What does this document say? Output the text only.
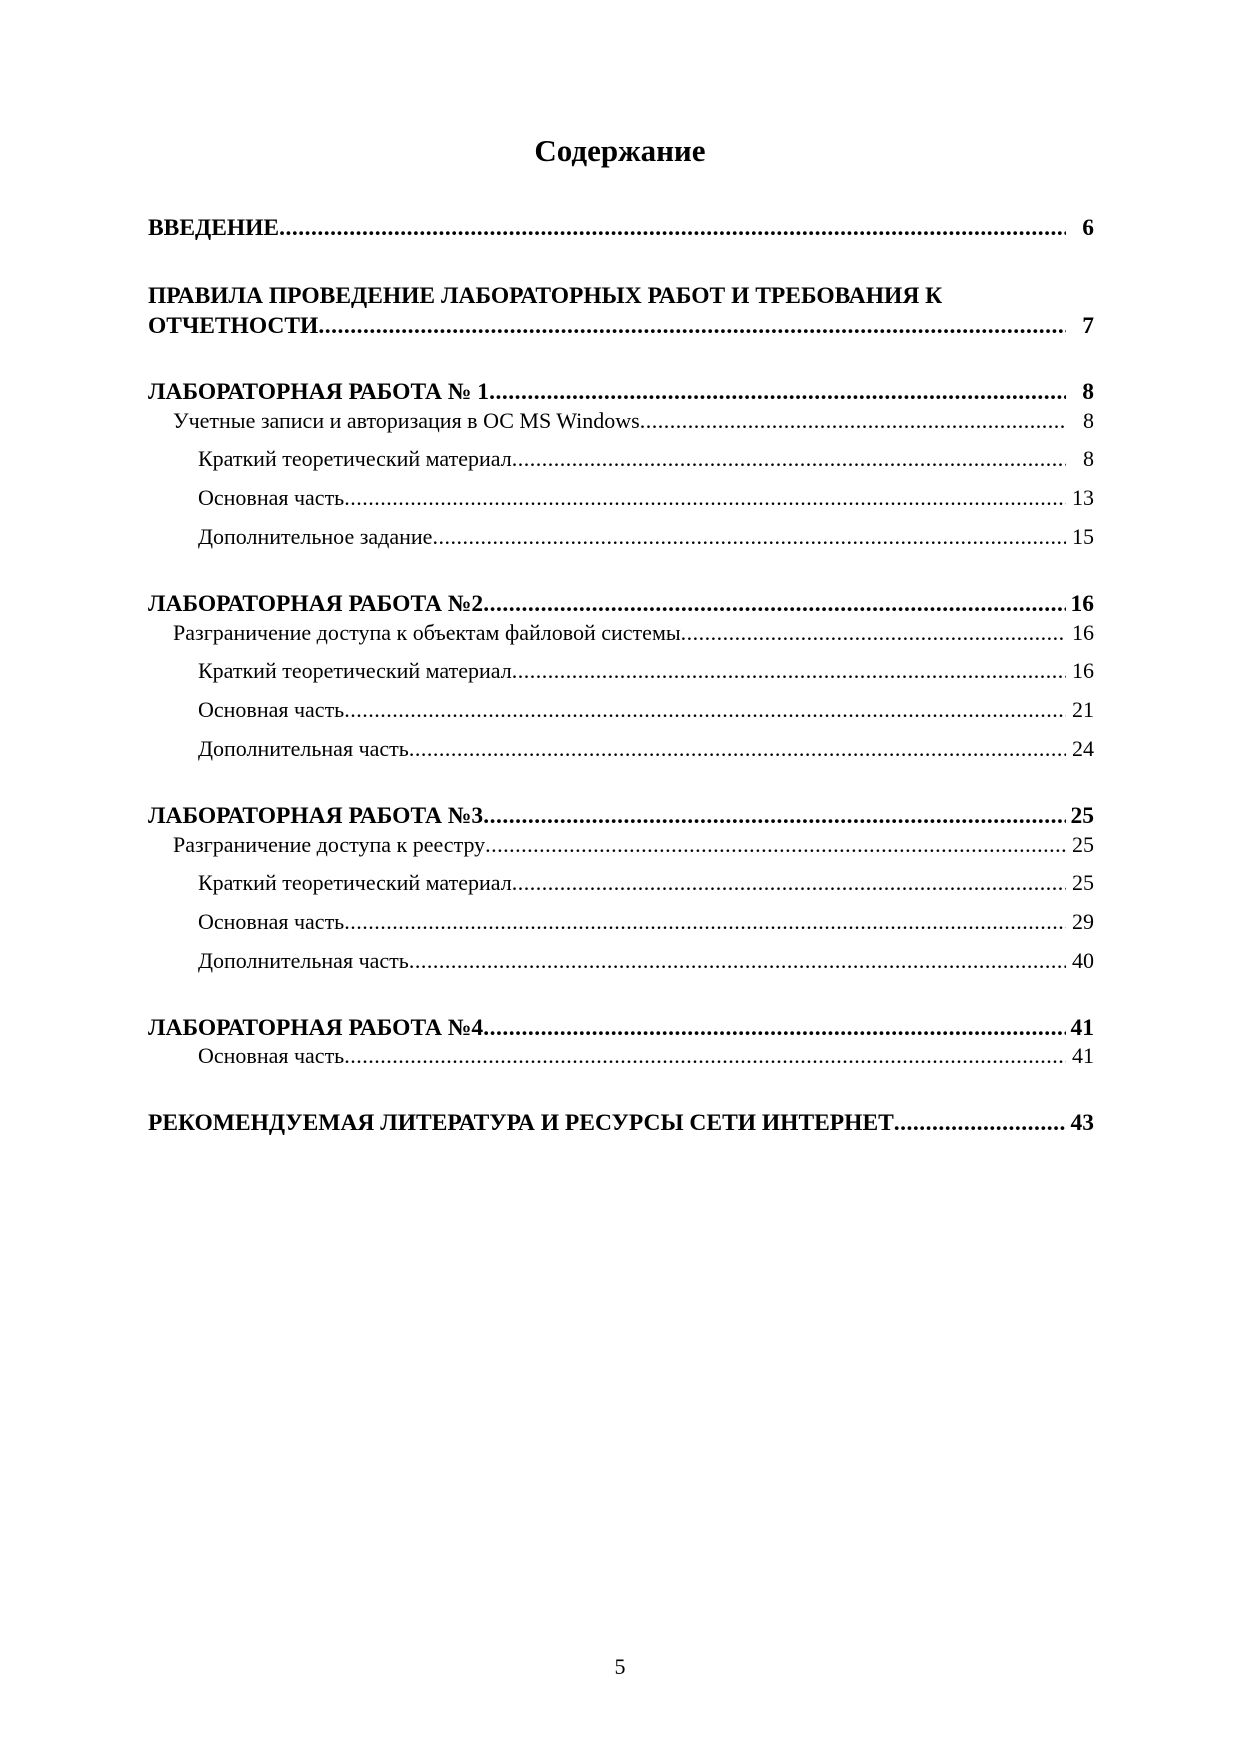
Содержание
ВВЕДЕНИЕ .....	6
ПРАВИЛА ПРОВЕДЕНИЕ ЛАБОРАТОРНЫХ РАБОТ И ТРЕБОВАНИЯ К
ОТЧЕТНОСТИ .....	7
ЛАБОРАТОРНАЯ РАБОТА № 1 .....	8
Учетные записи и авторизация в ОС MS Windows .....	8
Краткий теоретический материал .....	8
Основная часть .....	13
Дополнительное задание .....	15
ЛАБОРАТОРНАЯ РАБОТА №2 .....	16
Разграничение доступа к объектам файловой системы .....	16
Краткий теоретический материал .....	16
Основная часть .....	21
Дополнительная часть .....	24
ЛАБОРАТОРНАЯ РАБОТА №3 .....	25
Разграничение доступа к реестру .....	25
Краткий теоретический материал .....	25
Основная часть .....	29
Дополнительная часть .....	40
ЛАБОРАТОРНАЯ РАБОТА №4 .....	41
Основная часть .....	41
РЕКОМЕНДУЕМАЯ ЛИТЕРАТУРА И РЕСУРСЫ СЕТИ ИНТЕРНЕТ .....	43
5
